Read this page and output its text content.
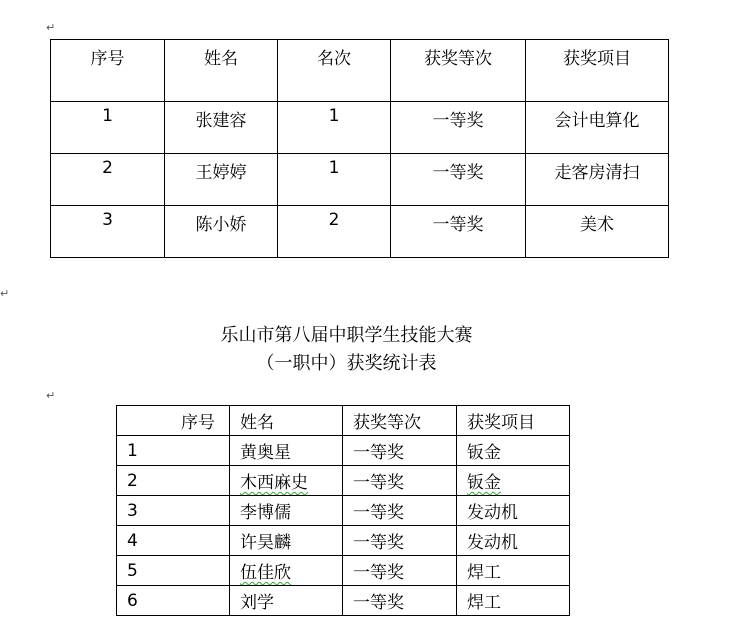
↵
序号	姓名	名次	获奖等次	获奖项目

1	张建容	1	一等奖	会计电算化

2	王婷婷	1	一等奖	走客房清扫

3	陈小娇	2	一等奖	美术
↵
乐山市第八届中职学生技能大赛
（一职中）获奖统计表
↵
序号	姓名	获奖等次	获奖项目
1	黄奥星	一等奖	钣金
2	木西麻史	一等奖	钣金
3	李博儒	一等奖	发动机
4	许昊麟	一等奖	发动机
5	伍佳欣	一等奖	焊工
6	刘学	一等奖	焊工
